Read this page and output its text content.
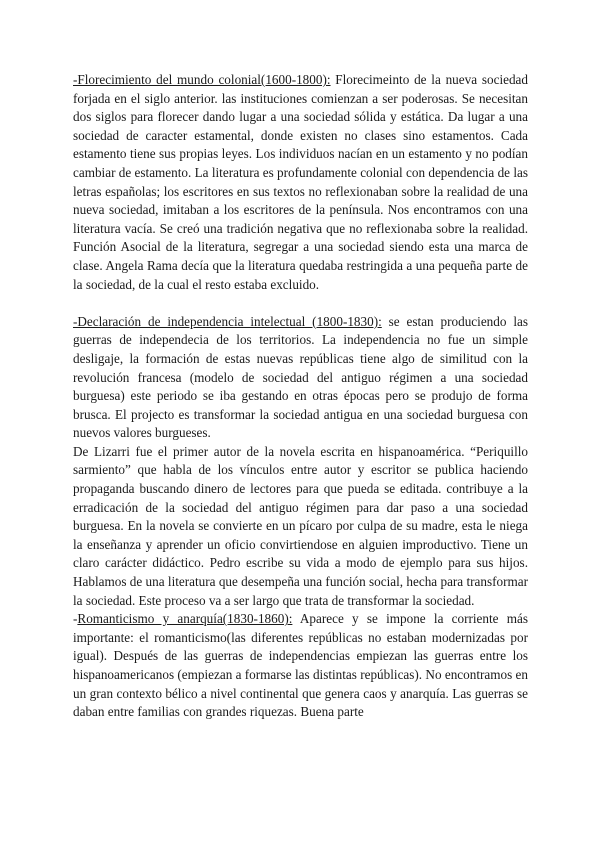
-Florecimiento del mundo colonial(1600-1800): Florecimeinto de la nueva sociedad forjada en el siglo anterior. las instituciones comienzan a ser poderosas. Se necesitan dos siglos para florecer dando lugar a una sociedad sólida y estática. Da lugar a una sociedad de caracter estamental, donde existen no clases sino estamentos. Cada estamento tiene sus propias leyes. Los individuos nacían en un estamento y no podían cambiar de estamento. La literatura es profundamente colonial con dependencia de las letras españolas; los escritores en sus textos no reflexionaban sobre la realidad de una nueva sociedad, imitaban a los escritores de la península. Nos encontramos con una literatura vacía. Se creó una tradición negativa que no reflexionaba sobre la realidad. Función Asocial de la literatura, segregar a una sociedad siendo esta una marca de clase. Angela Rama decía que la literatura quedaba restringida a una pequeña parte de la sociedad, de la cual el resto estaba excluido.

-Declaración de independencia intelectual (1800-1830): se estan produciendo las guerras de independecia de los territorios. La independencia no fue un simple desligaje, la formación de estas nuevas repúblicas tiene algo de similitud con la revolución francesa (modelo de sociedad del antiguo régimen a una sociedad burguesa) este periodo se iba gestando en otras épocas pero se produjo de forma brusca. El projecto es transformar la sociedad antigua en una sociedad burguesa con nuevos valores burgueses.

De Lizarri fue el primer autor de la novela escrita en hispanoamérica. “Periquillo sarmiento” que habla de los vínculos entre autor y escritor se publica haciendo propaganda buscando dinero de lectores para que pueda se editada. contribuye a la erradicación de la sociedad del antiguo régimen para dar paso a una sociedad burguesa. En la novela se convierte en un pícaro por culpa de su madre, esta le niega la enseñanza y aprender un oficio convirtiendose en alguien improductivo. Tiene un claro carácter didáctico. Pedro escribe su vida a modo de ejemplo para sus hijos. Hablamos de una literatura que desempeña una función social, hecha para transformar la sociedad. Este proceso va a ser largo que trata de transformar la sociedad.

-Romanticismo y anarquía(1830-1860): Aparece y se impone la corriente más importante: el romanticismo(las diferentes repúblicas no estaban modernizadas por igual). Después de las guerras de independencias empiezan las guerras entre los hispanoamericanos (empiezan a formarse las distintas repúblicas). No encontramos en un gran contexto bélico a nivel continental que genera caos y anarquía. Las guerras se daban entre familias con grandes riquezas. Buena parte
